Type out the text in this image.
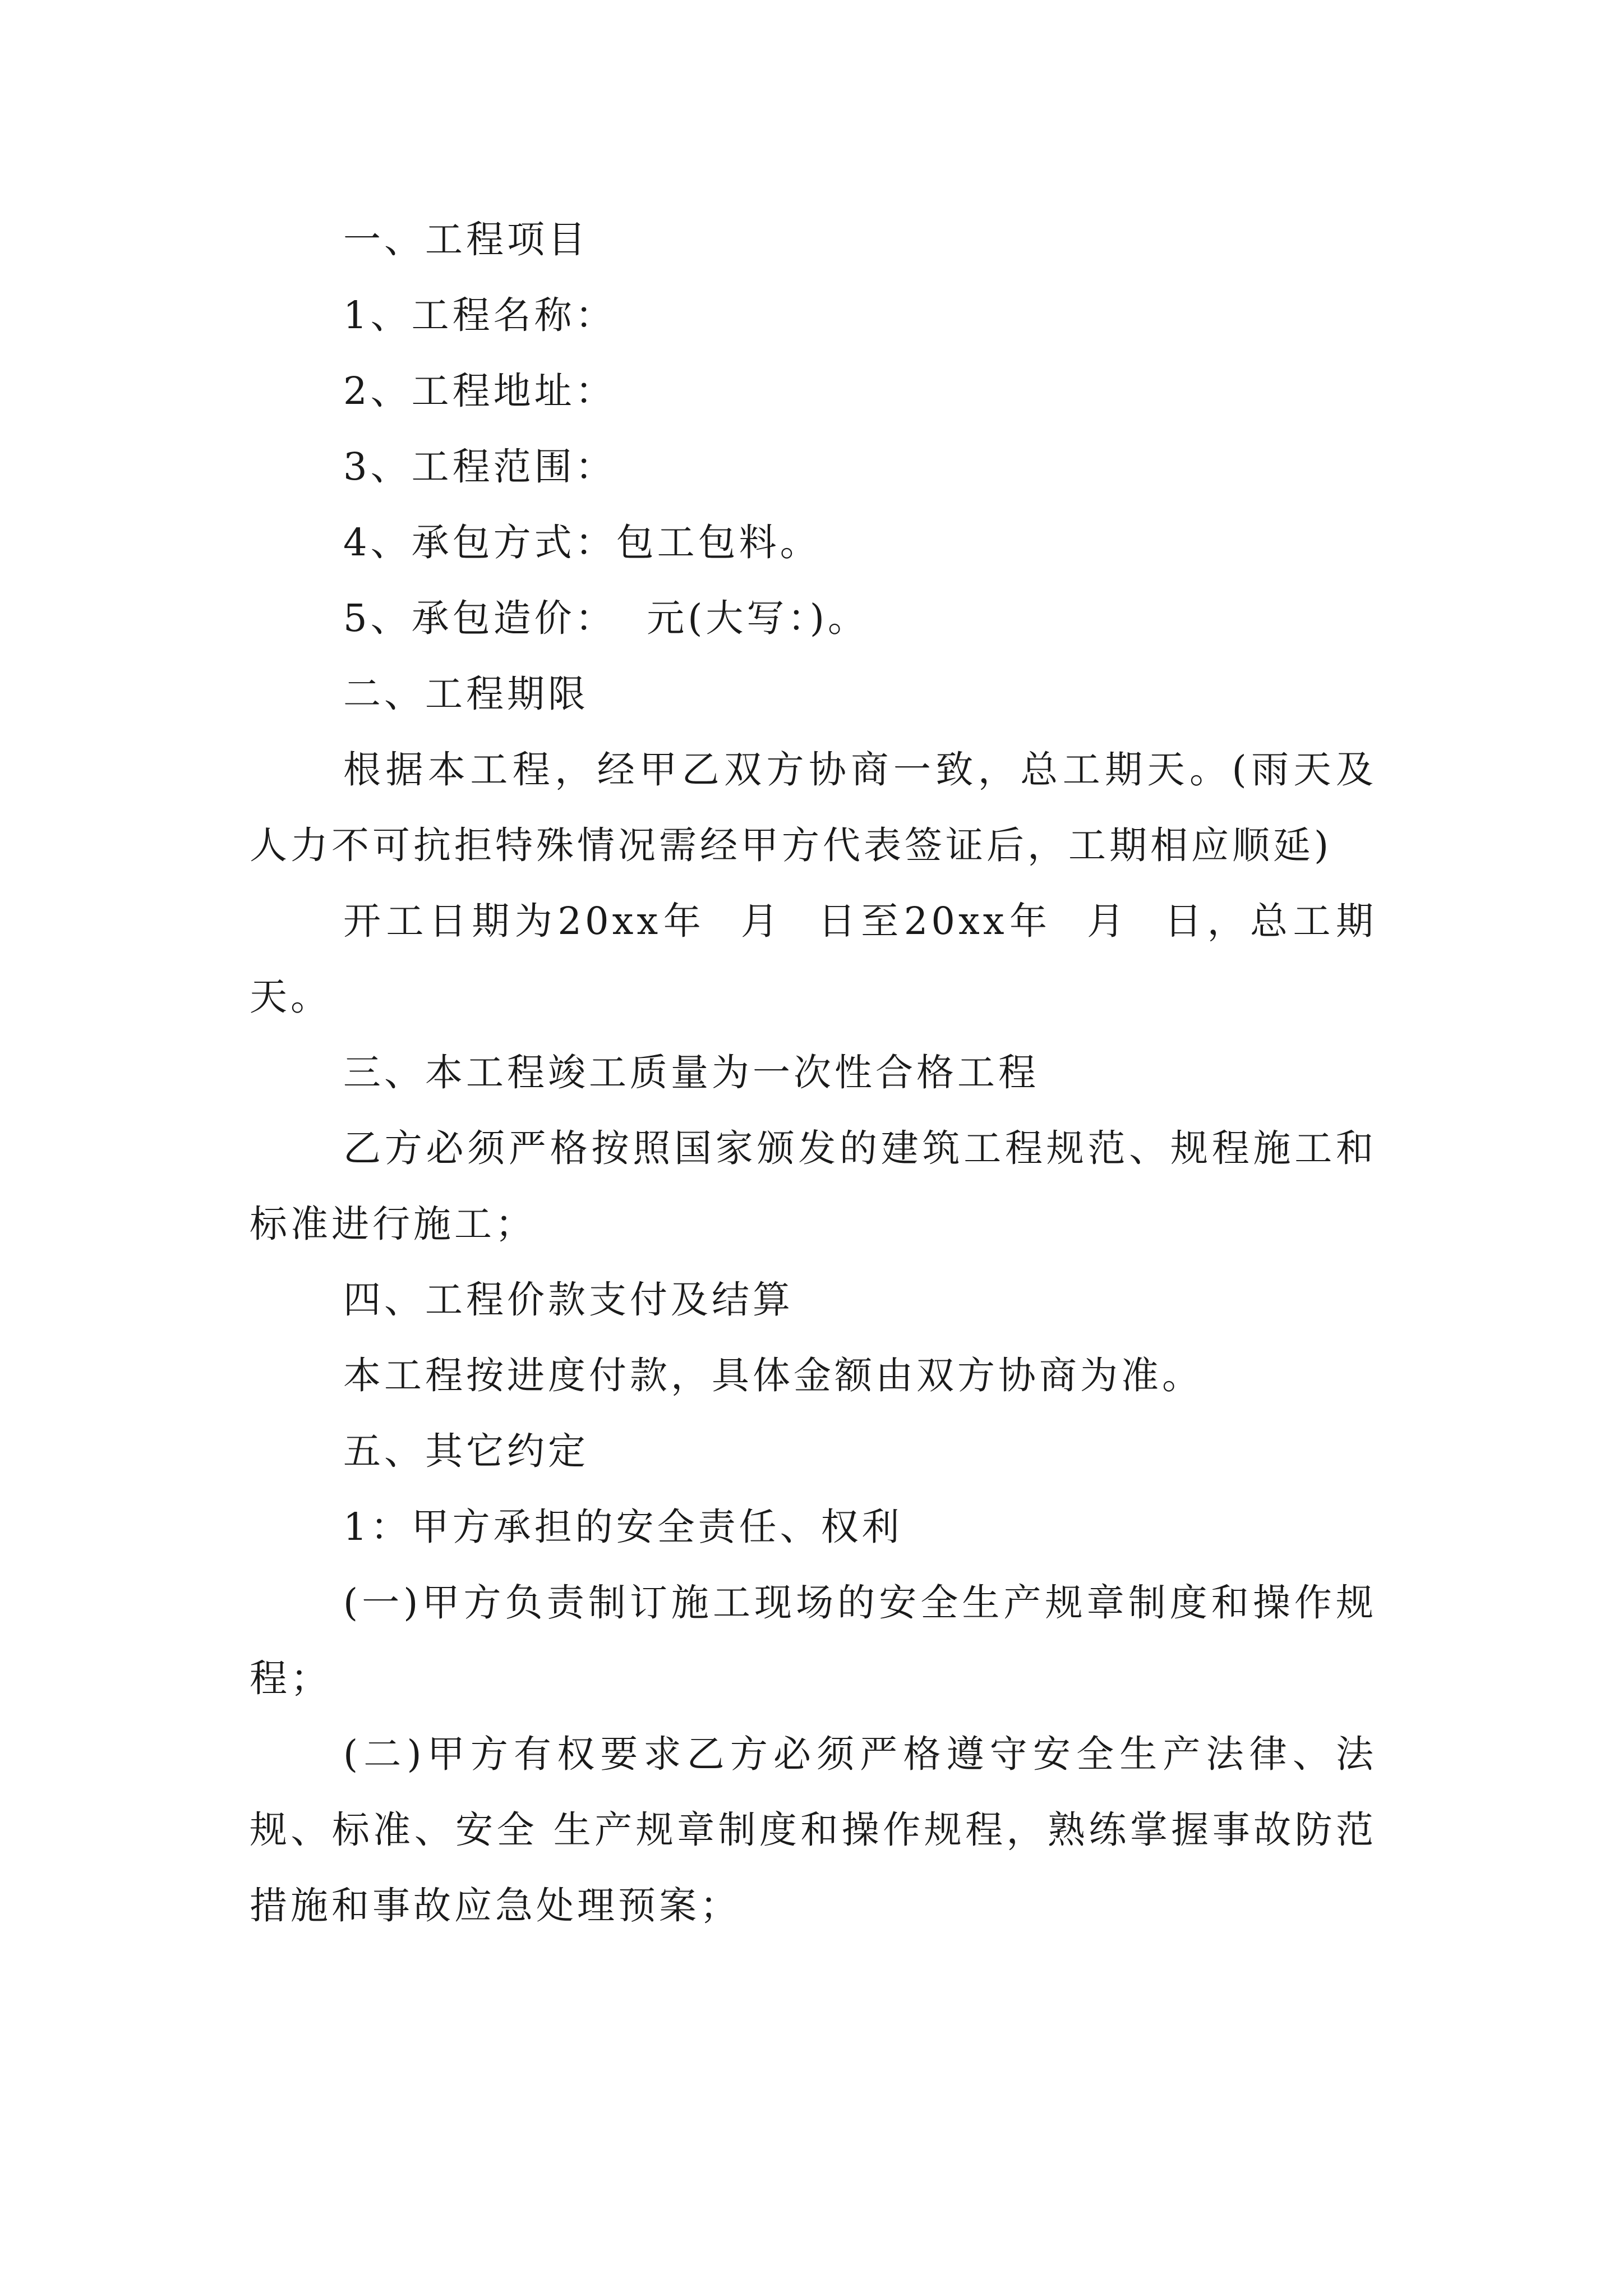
一、工程项目

1、工程名称：

2、工程地址：

3、工程范围：

4、承包方式：包工包料。

5、承包造价：  元(大写：)。

二、工程期限

根据本工程，经甲乙双方协商一致，总工期天。(雨天及人力不可抗拒特殊情况需经甲方代表签证后，工期相应顺延)

开工日期为20xx年  月  日至20xx年  月  日，总工期天。

三、本工程竣工质量为一次性合格工程

乙方必须严格按照国家颁发的建筑工程规范、规程施工和标准进行施工；

四、工程价款支付及结算

本工程按进度付款，具体金额由双方协商为准。

五、其它约定

1：甲方承担的安全责任、权利

(一)甲方负责制订施工现场的安全生产规章制度和操作规程；

(二)甲方有权要求乙方必须严格遵守安全生产法律、法规、标准、安全 生产规章制度和操作规程，熟练掌握事故防范措施和事故应急处理预案；
